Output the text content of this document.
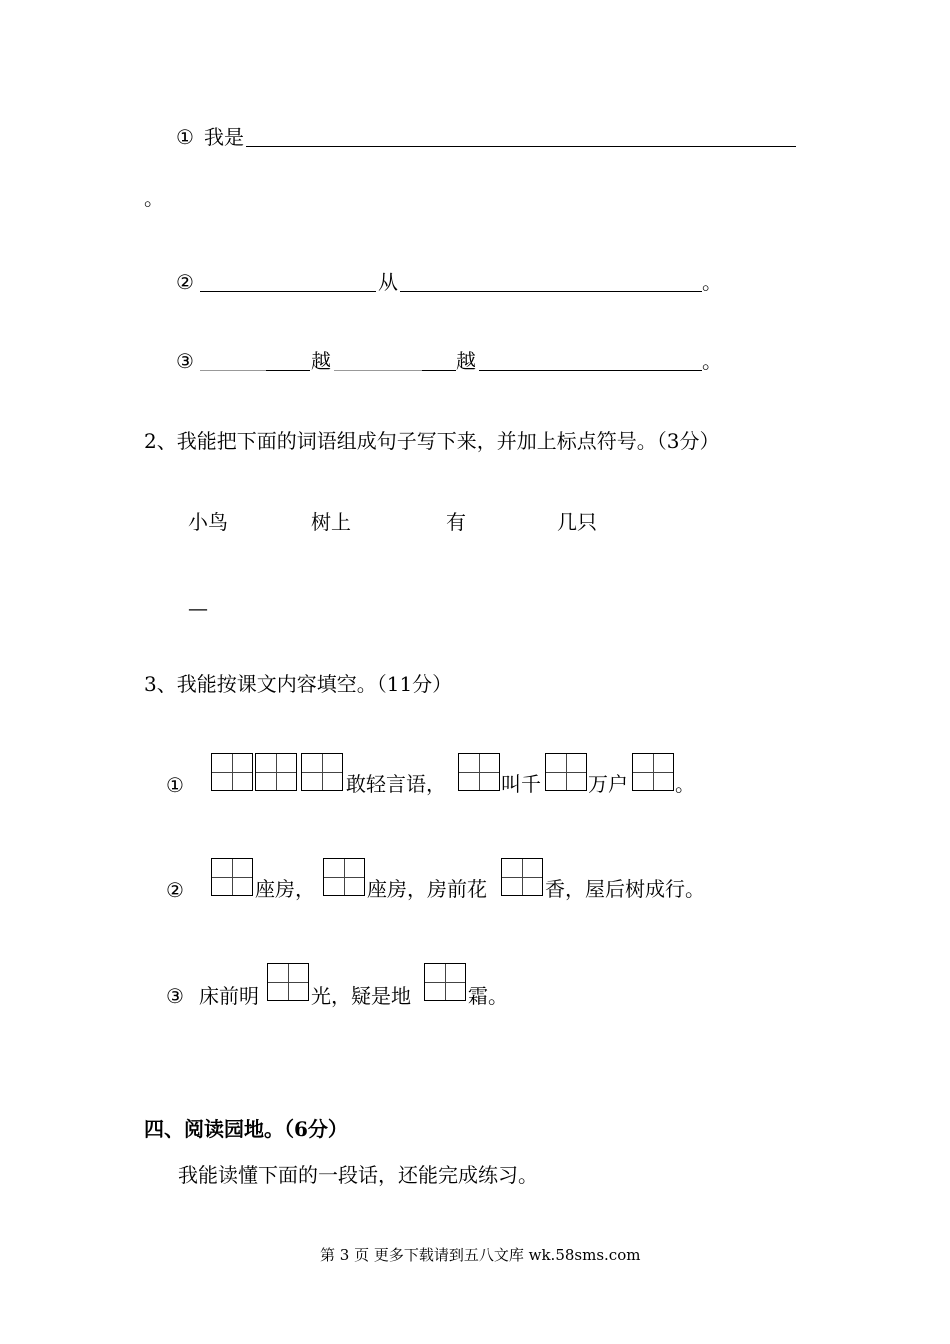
① 我是
。
②	从	。
③	越	越	。
2、我能把下面的词语组成句子写下来，并加上标点符号。（3分）
小鸟	树上	有	几只
—
3、我能按课文内容填空。（11分）
①	敢轻言语，	叫千 万户 。
②	座房，	座房，房前花	香，屋后树成行。
③ 床前明	光，疑是地	霜。
四、阅读园地。（6分）
我能读懂下面的一段话，还能完成练习。
第 3 页 更多下载请到五八文库 wk.58sms.com
